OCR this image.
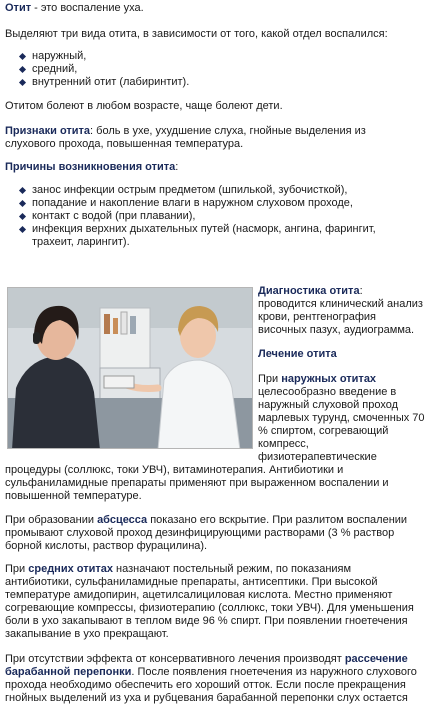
Отит - это воспаление уха.

Выделяют три вида отита, в зависимости от того, какой отдел воспалился:

наружный,
средний,
внутренний отит (лабиринтит).

Отитом болеют в любом возрасте, чаще болеют дети.

Признаки отита: боль в ухе, ухудшение слуха, гнойные выделения из
слухового прохода, повышенная температура.

Причины возникновения отита:

занос инфекции острым предметом (шпилькой, зубочисткой),
попадание и накопление влаги в наружном слуховом проходе,
контакт с водой (при плавании),
инфекция верхних дыхательных путей (насморк, ангина, фарингит,
трахеит, ларингит).
Диагностика отита:
проводится клинический анализ
крови, рентгенография
височных пазух, аудиограмма.

Лечение отита

При наружных отитах
целесообразно введение в
наружный слуховой проход
марлевых турунд, смоченных 70
% спиртом, согревающий
компресс,
физиотерапевтические

процедуры (соллюкс, токи УВЧ), витаминотерапия. Антибиотики и
сульфаниламидные препараты применяют при выраженном воспалении и
повышенной температуре.

При образовании абсцесса показано его вскрытие. При разлитом воспалении
промывают слуховой проход дезинфицирующими растворами (3 % раствор
борной кислоты, раствор фурацилина).

При средних отитах назначают постельный режим, по показаниям
антибиотики, сульфаниламидные препараты, антисептики. При высокой
температуре амидопирин, ацетилсалициловая кислота. Местно применяют
согревающие компрессы, физиотерапию (соллюкс, токи УВЧ). Для уменьшения
боли в ухо закапывают в теплом виде 96 % спирт. При появлении гноетечения
закапывание в ухо прекращают.

При отсутствии эффекта от консервативного лечения производят рассечение
барабанной перепонки. После появления гноетечения из наружного слухового
прохода необходимо обеспечить его хороший отток. Если после прекращения
гнойных выделений из уха и рубцевания барабанной перепонки слух остается
